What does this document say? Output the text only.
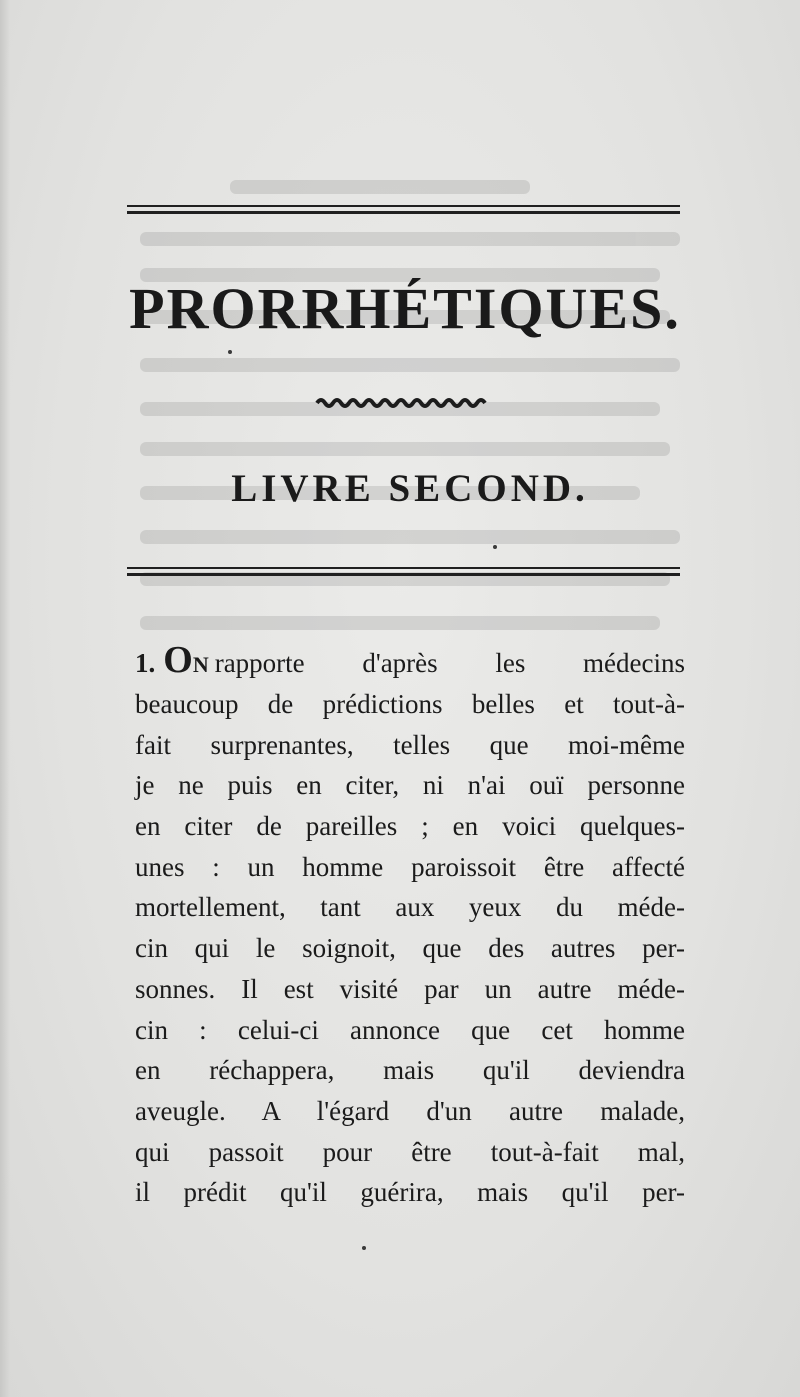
PRORRHÉTIQUES.
LIVRE SECOND.
1. ON rapporte d'après les médecins
beaucoup de prédictions belles et tout-à-
fait surprenantes, telles que moi-même
je ne puis en citer, ni n'ai ouï personne
en citer de pareilles ; en voici quelques-
unes : un homme paroissoit être affecté
mortellement, tant aux yeux du méde-
cin qui le soignoit, que des autres per-
sonnes. Il est visité par un autre méde-
cin : celui-ci annonce que cet homme
en réchappera, mais qu'il deviendra
aveugle. A l'égard d'un autre malade,
qui passoit pour être tout-à-fait mal,
il prédit qu'il guérira, mais qu'il per-
